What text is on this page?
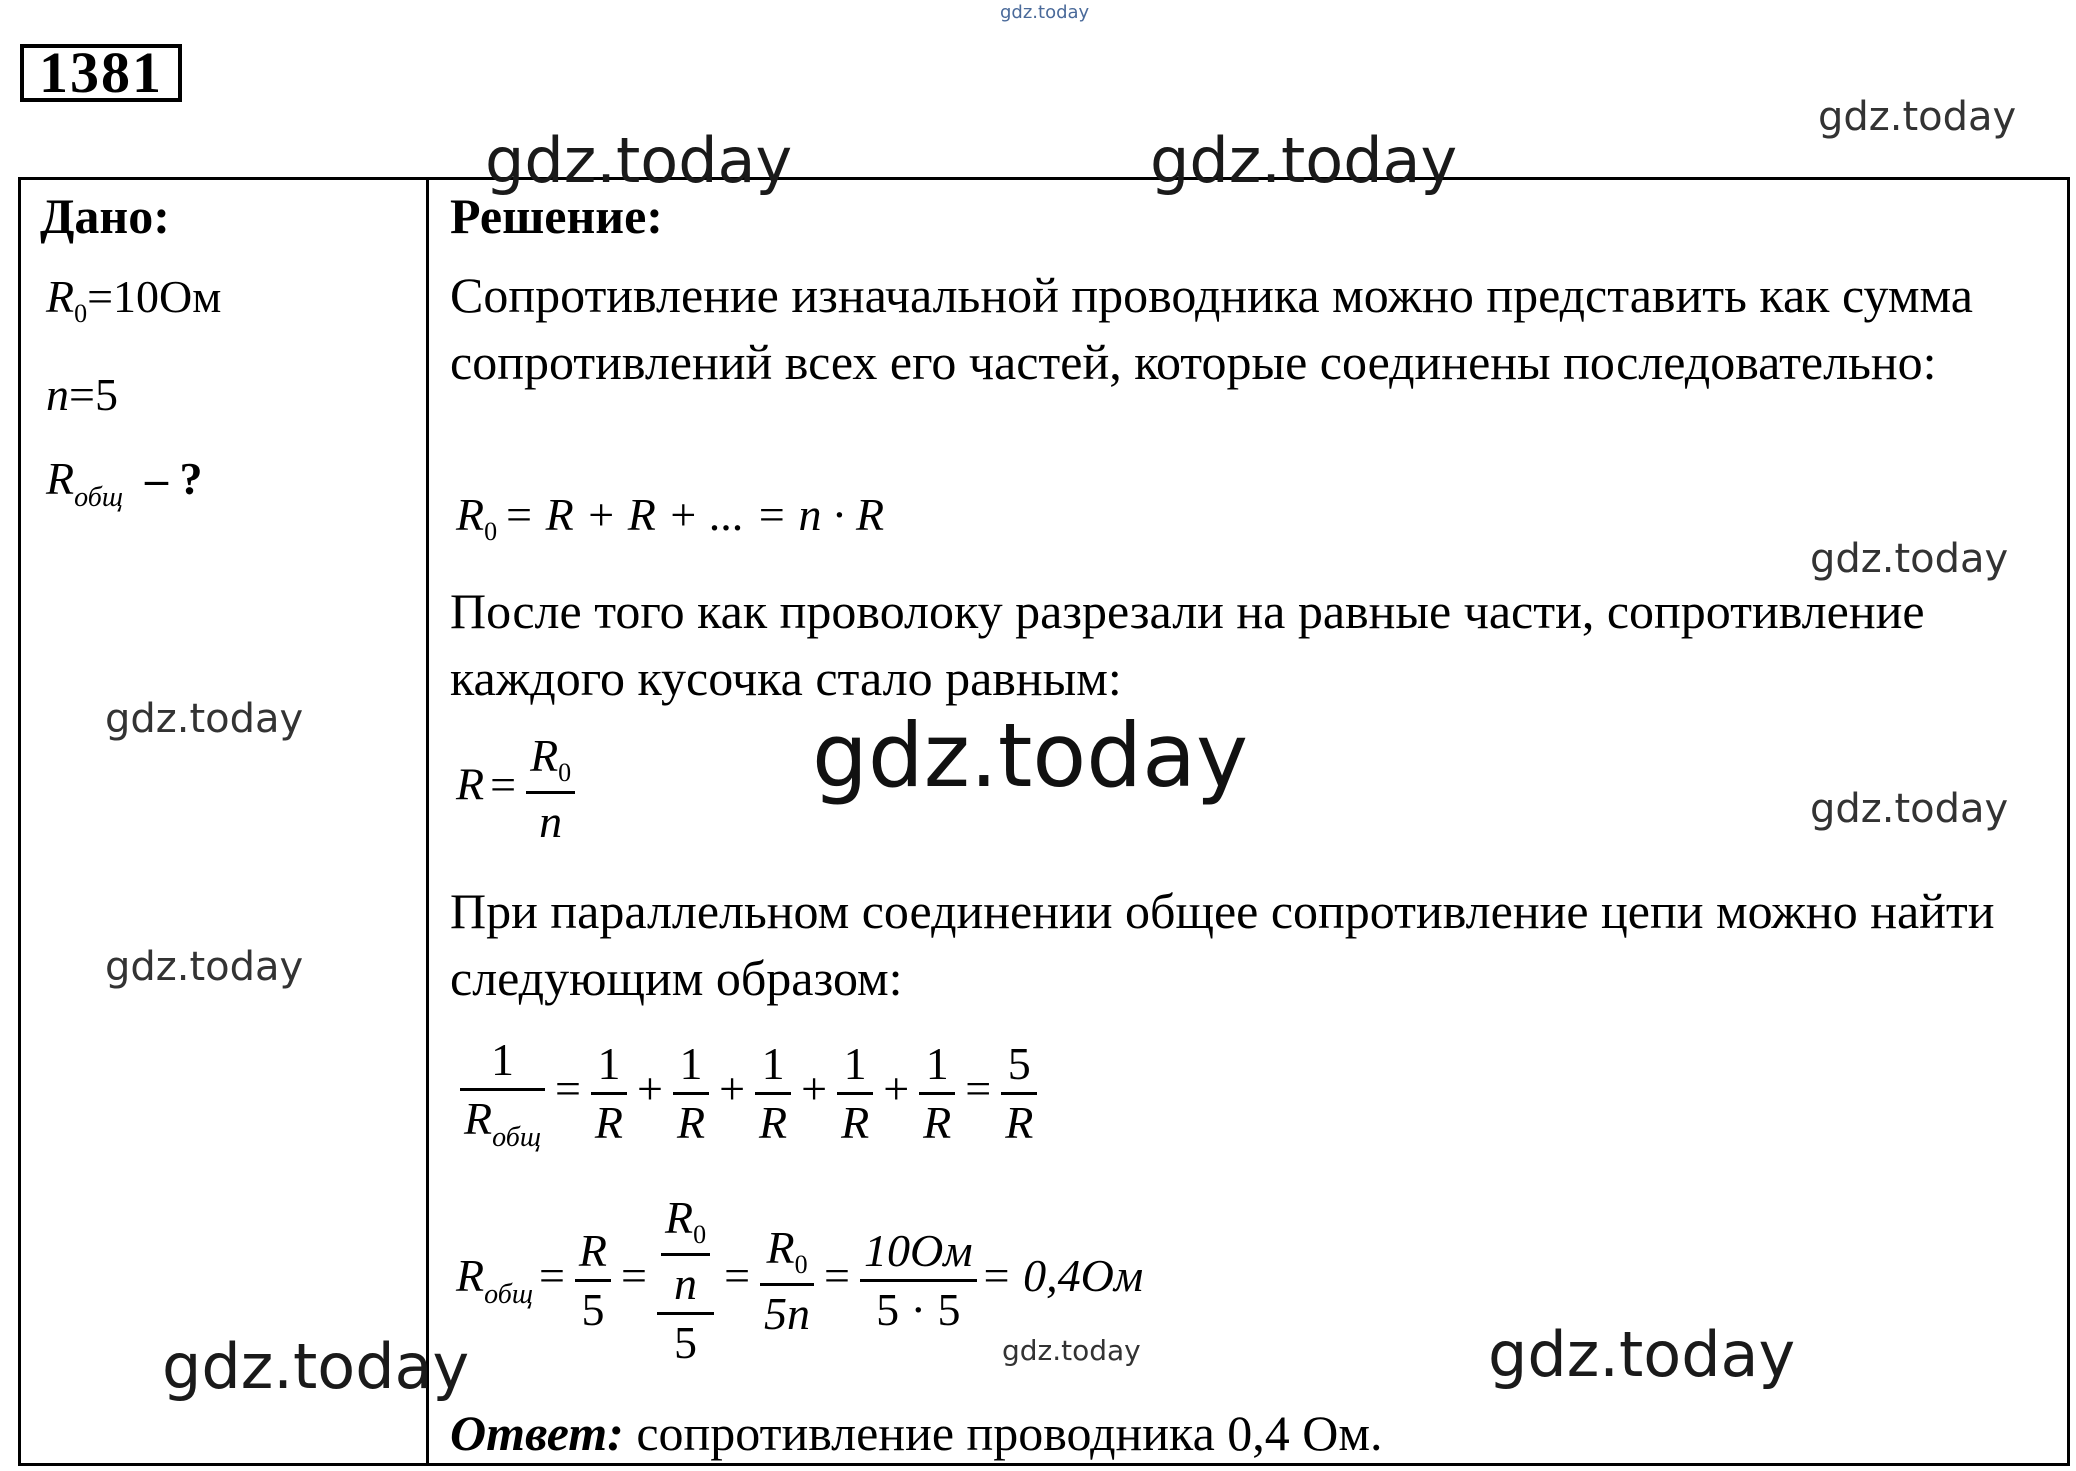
1381
Дано:
$R_0=10Ом$
n=5
$R_{общ}$ – ?
Решение:
Сопротивление изначальной проводника можно представить как сумма сопротивлений всех его частей, которые соединены последовательно:
$R_0 = R + R$ + ... = n · R
После того как проволоку разрезали на равные части, сопротивление каждого кусочка стало равным:
$R = \frac{R_0}{n}$
При параллельном соединении общее сопротивление цепи можно найти следующим образом:
$\frac{1}{R_{общ}} = \frac{1}{R} + \frac{1}{R} + \frac{1}{R} + \frac{1}{R} + \frac{1}{R} = \frac{5}{R}$
$R_{общ} = \frac{R}{5} = \frac{\frac{R_0}{n}}{5} = \frac{R_0}{5n} = \frac{10Ом}{5 \cdot 5} = 0,4Ом$
Ответ: сопротивление проводника 0,4 Ом.
gdz.today
gdz.today
gdz.today	gdz.today
gdz.today
gdz.today	gdz.today
gdz.today
gdz.today
gdz.today	gdz.today
gdz.today
